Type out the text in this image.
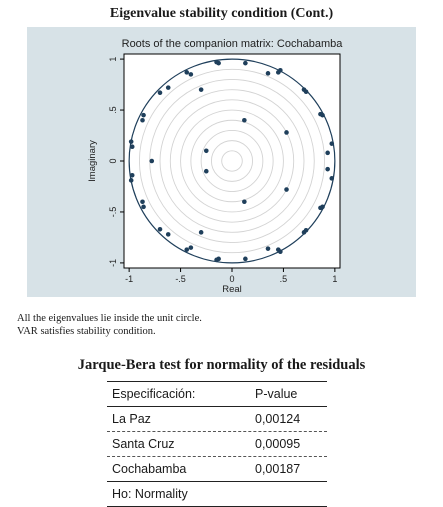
Eigenvalue stability condition (Cont.)
Roots of the companion matrix: Cochabamba
-1	-.5	0	.5	1
-1
-.5
0
.5
1
Real
Imaginary
All the eigenvalues lie inside the unit circle.
VAR satisfies stability condition.
Jarque-Bera test for normality of the residuals
Especificación:	P-value
La Paz	0,00124
Santa Cruz	0,00095
Cochabamba	0,00187
Ho: Normality
